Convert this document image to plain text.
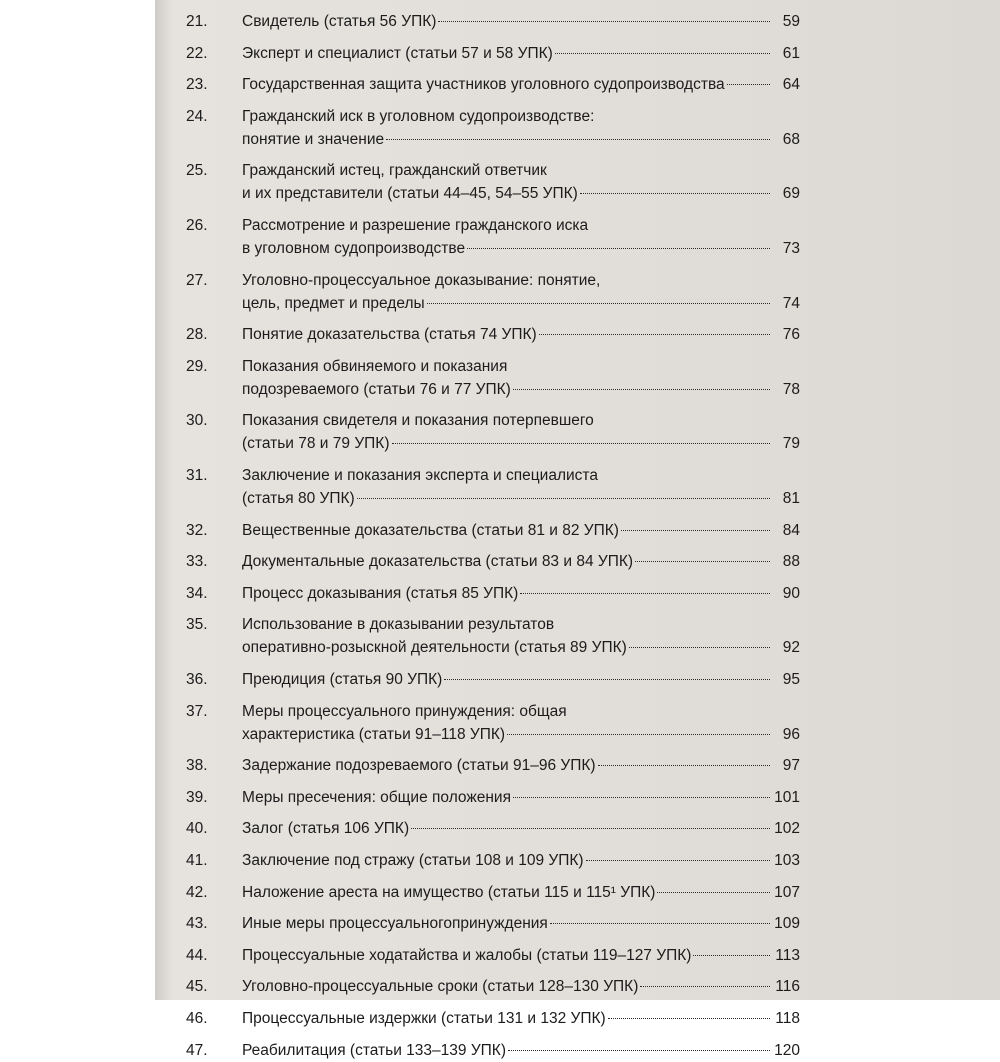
21. Свидетель (статья 56 УПК)	59
22. Эксперт и специалист (статьи 57 и 58 УПК)	61
23. Государственная защита участников уголовного судопроизводства	64
24. Гражданский иск в уголовном судопроизводстве:
понятие и значение	68
25. Гражданский истец, гражданский ответчик
и их представители (статьи 44–45, 54–55 УПК)	69
26. Рассмотрение и разрешение гражданского иска
в уголовном судопроизводстве	73
27. Уголовно-процессуальное доказывание: понятие,
цель, предмет и пределы	74
28. Понятие доказательства (статья 74 УПК)	76
29. Показания обвиняемого и показания
подозреваемого (статьи 76 и 77 УПК)	78
30. Показания свидетеля и показания потерпевшего
(статьи 78 и 79 УПК)	79
31. Заключение и показания эксперта и специалиста
(статья 80 УПК)	81
32. Вещественные доказательства (статьи 81 и 82 УПК)	84
33. Документальные доказательства (статьи 83 и 84 УПК)	88
34. Процесс доказывания (статья 85 УПК)	90
35. Использование в доказывании результатов
оперативно-розыскной деятельности (статья 89 УПК)	92
36. Преюдиция (статья 90 УПК)	95
37. Меры процессуального принуждения: общая
характеристика (статьи 91–118 УПК)	96
38. Задержание подозреваемого (статьи 91–96 УПК)	97
39. Меры пресечения: общие положения	101
40. Залог (статья 106 УПК)	102
41. Заключение под стражу (статьи 108 и 109 УПК)	103
42. Наложение ареста на имущество (статьи 115 и 115¹ УПК)	107
43. Иные меры процессуальногопринуждения	109
44. Процессуальные ходатайства и жалобы (статьи 119–127 УПК)	113
45. Уголовно-процессуальные сроки (статьи 128–130 УПК)	116
46. Процессуальные издержки (статьи 131 и 132 УПК)	118
47. Реабилитация (статьи 133–139 УПК)	120
